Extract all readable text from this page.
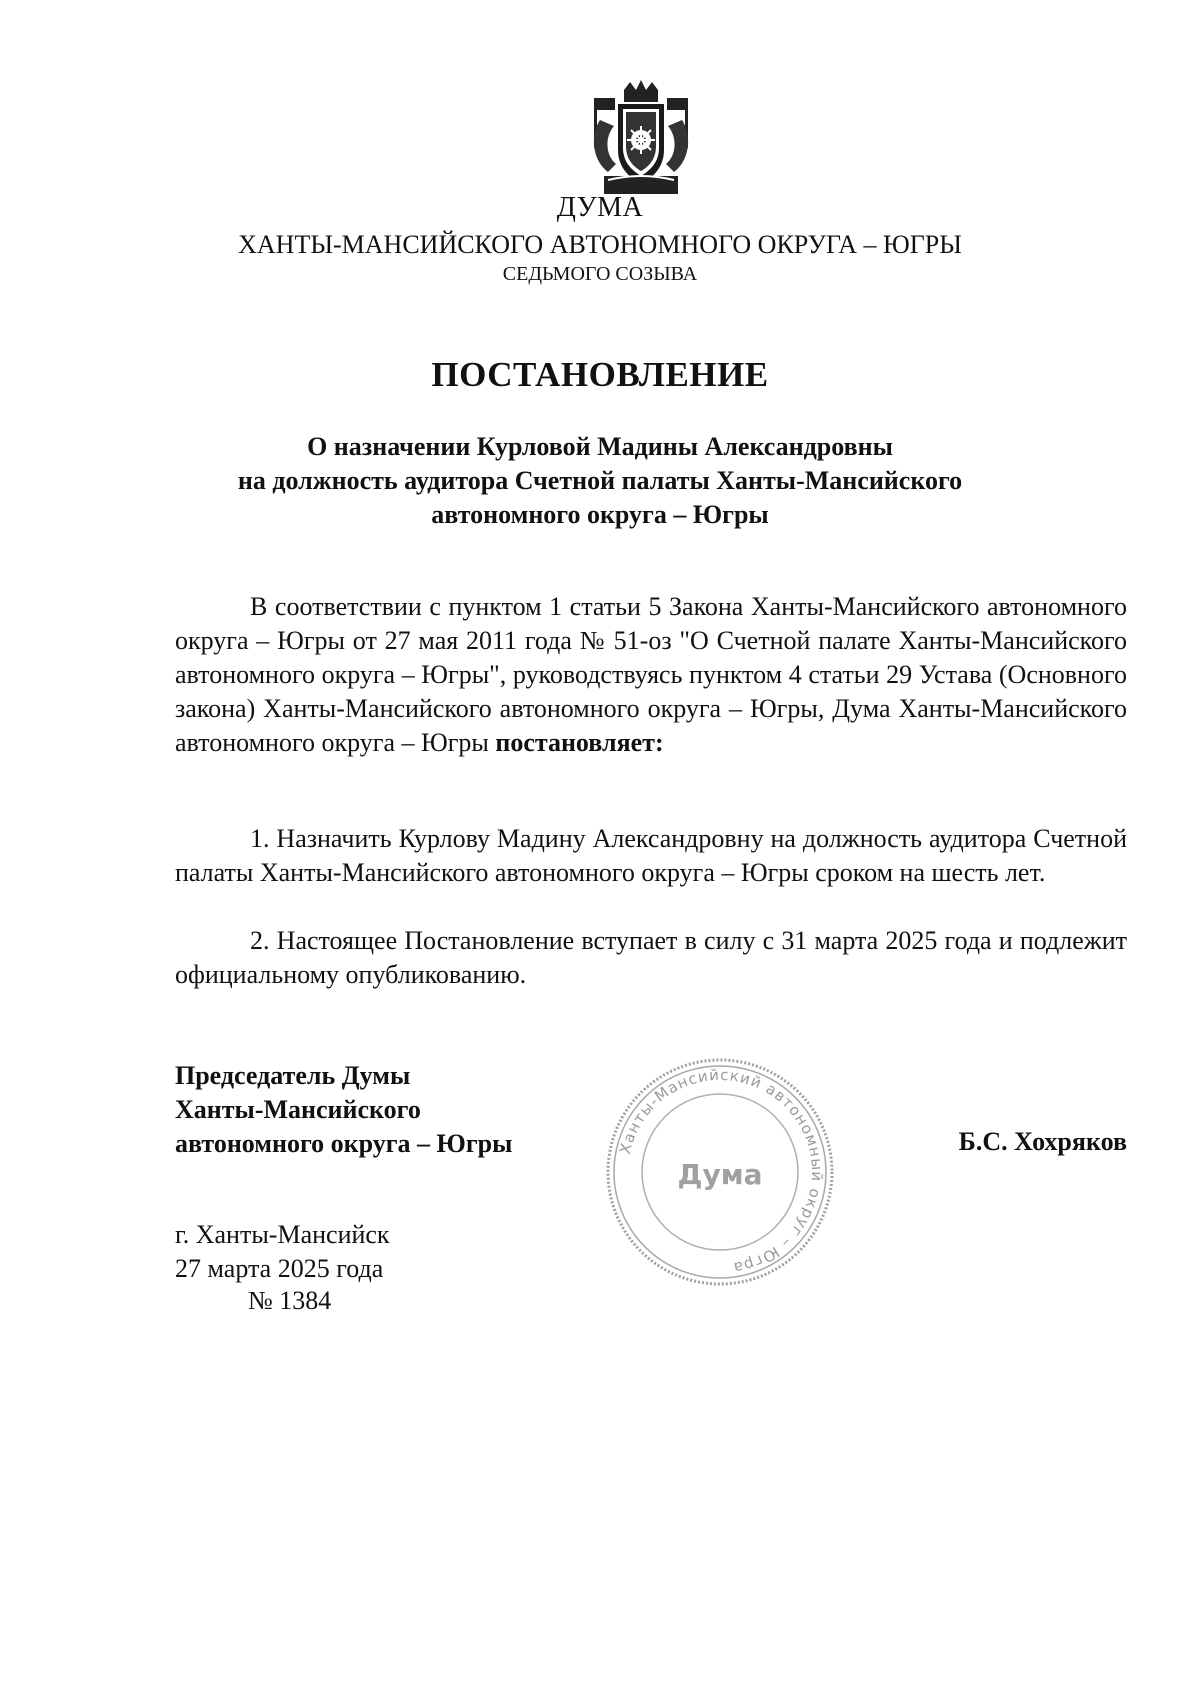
ДУМА
ХАНТЫ-МАНСИЙСКОГО АВТОНОМНОГО ОКРУГА – ЮГРЫ
СЕДЬМОГО СОЗЫВА
ПОСТАНОВЛЕНИЕ
О назначении Курловой Мадины Александровны
на должность аудитора Счетной палаты Ханты-Мансийского
автономного округа – Югры
В соответствии с пунктом 1 статьи 5 Закона Ханты-Мансийского автономного округа – Югры от 27 мая 2011 года № 51-оз "О Счетной палате Ханты-Мансийского автономного округа – Югры", руководствуясь пунктом 4 статьи 29 Устава (Основного закона) Ханты-Мансийского автономного округа – Югры, Дума Ханты-Мансийского автономного округа – Югры постановляет:
1. Назначить Курлову Мадину Александровну на должность аудитора Счетной палаты Ханты-Мансийского автономного округа – Югры сроком на шесть лет.
2. Настоящее Постановление вступает в силу с 31 марта 2025 года и подлежит официальному опубликованию.
Председатель Думы
Ханты-Мансийского
автономного округа – Югры	Ханты-Мансийский автономный округ – Югра
Дума
Б.С. Хохряков
г. Ханты-Мансийск
27 марта 2025 года
№ 1384
